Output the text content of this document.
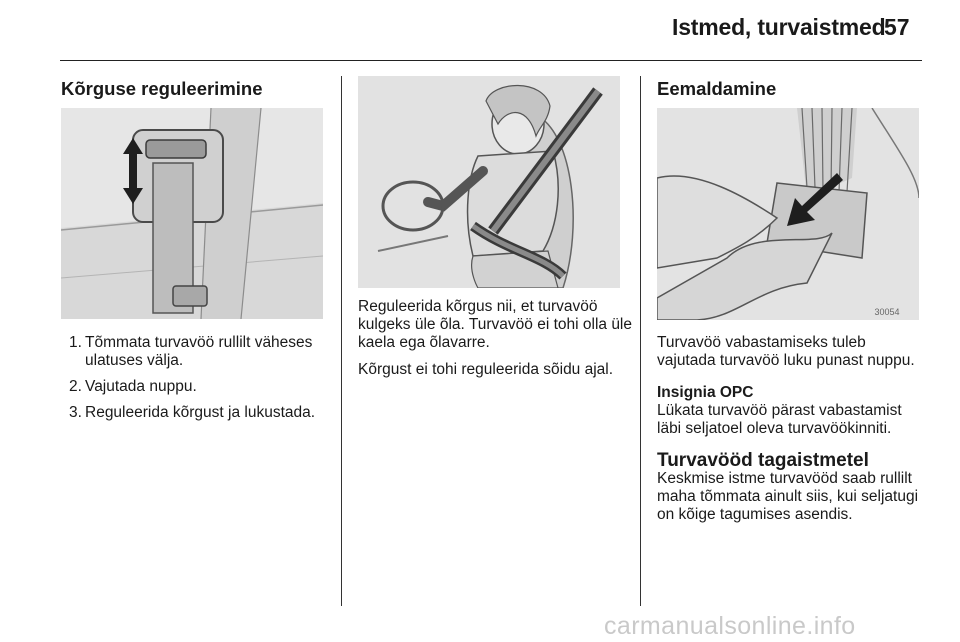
Istmed, turvaistmed
57
Kõrguse reguleerimine
1. Tõmmata turvavöö rullilt väheses ulatuses välja.
2. Vajutada nuppu.
3. Reguleerida kõrgust ja lukustada.

Reguleerida kõrgus nii, et turvavöö kulgeks üle õla. Turvavöö ei tohi olla üle kaela ega õlavarre.

Kõrgust ei tohi reguleerida sõidu ajal.

Eemaldamine
30054

Turvavöö vabastamiseks tuleb vajutada turvavöö luku punast nuppu.

Insignia OPC

Lükata turvavöö pärast vabastamist läbi seljatoel oleva turvavöökinniti.

Turvavööd tagaistmetel

Keskmise istme turvavööd saab rullilt maha tõmmata ainult siis, kui seljatugi on kõige tagumises asendis.

carmanualsonline.info
